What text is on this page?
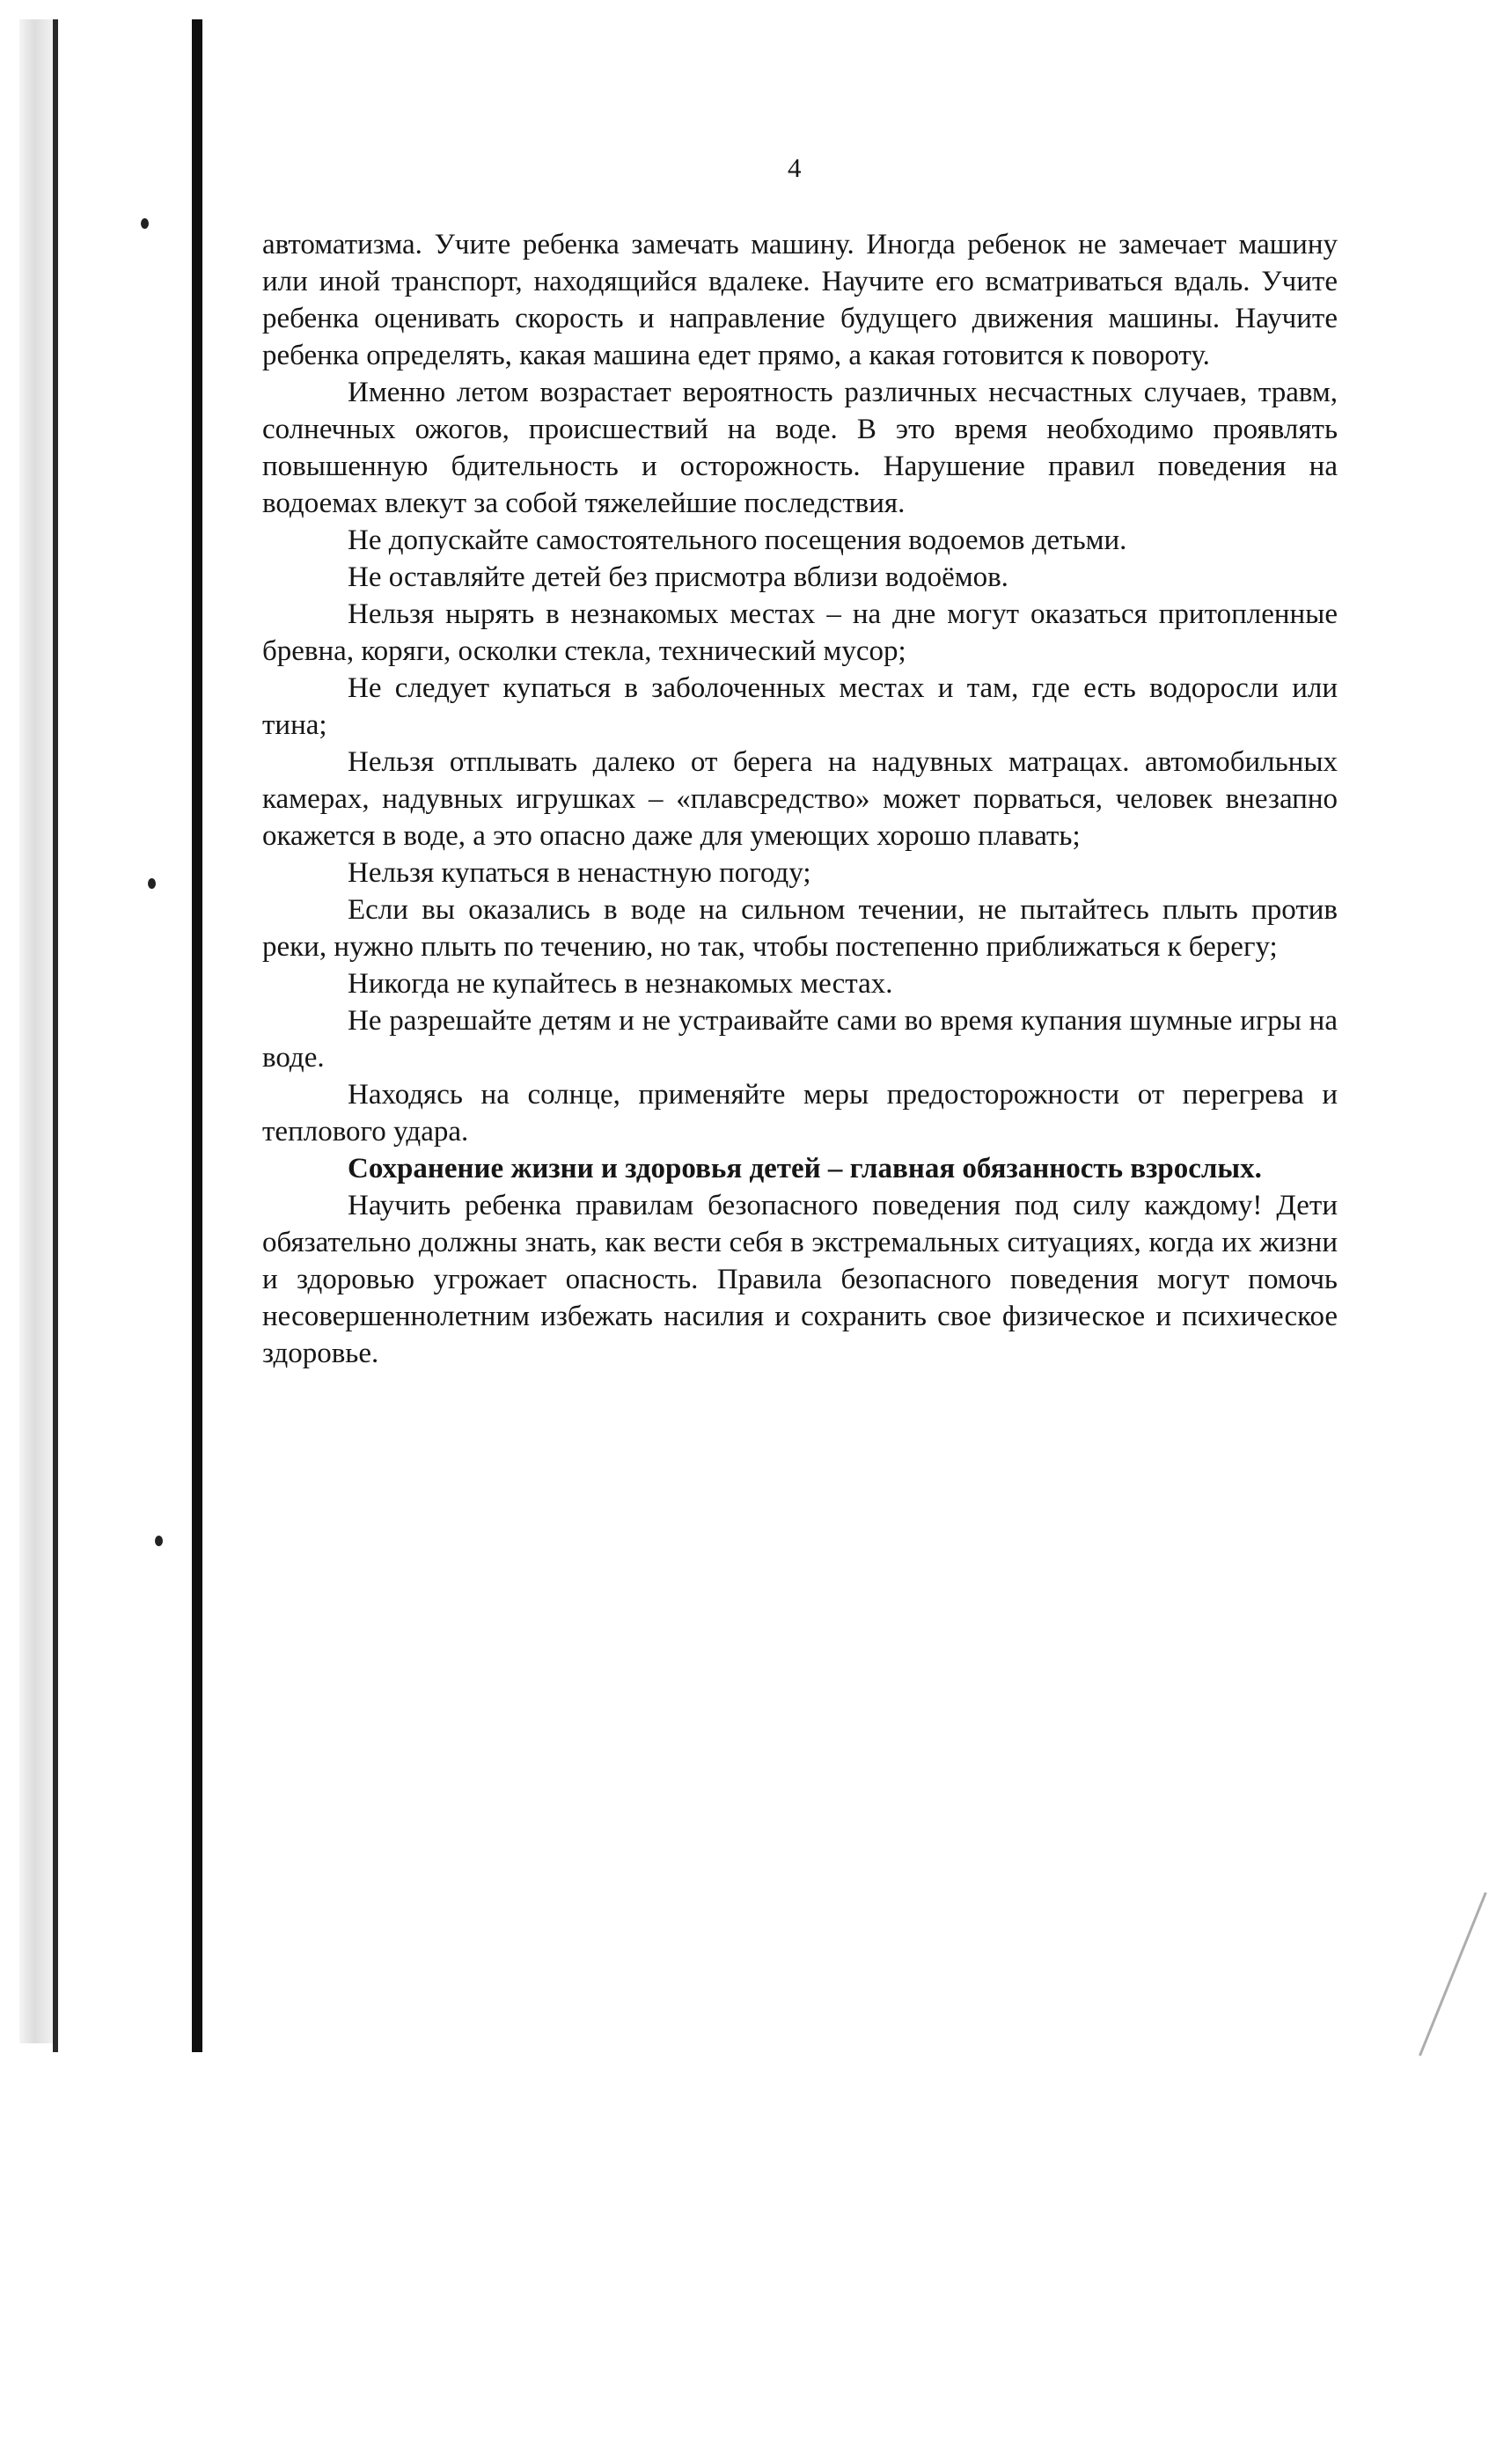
4

автоматизма. Учите ребенка замечать машину. Иногда ребенок не замечает машину или иной транспорт, находящийся вдалеке. Научите его всматриваться вдаль. Учите ребенка оценивать скорость и направление будущего движения машины. Научите ребенка определять, какая машина едет прямо, а какая готовится к повороту.

Именно летом возрастает вероятность различных несчастных случаев, травм, солнечных ожогов, происшествий на воде. В это время необходимо проявлять повышенную бдительность и осторожность. Нарушение правил поведения на водоемах влекут за собой тяжелейшие последствия.

Не допускайте самостоятельного посещения водоемов детьми.

Не оставляйте детей без присмотра вблизи водоёмов.

Нельзя нырять в незнакомых местах – на дне могут оказаться притопленные бревна, коряги, осколки стекла, технический мусор;

Не следует купаться в заболоченных местах и там, где есть водоросли или тина;

Нельзя отплывать далеко от берега на надувных матрацах. автомобильных камерах, надувных игрушках – «плавсредство» может порваться, человек внезапно окажется в воде, а это опасно даже для умеющих хорошо плавать;

Нельзя купаться в ненастную погоду;

Если вы оказались в воде на сильном течении, не пытайтесь плыть против реки, нужно плыть по течению, но так, чтобы постепенно приближаться к берегу;

Никогда не купайтесь в незнакомых местах.

Не разрешайте детям и не устраивайте сами во время купания шумные игры на воде.

Находясь на солнце, применяйте меры предосторожности от перегрева и теплового удара.

Сохранение жизни и здоровья детей – главная обязанность взрослых.

Научить ребенка правилам безопасного поведения под силу каждому! Дети обязательно должны знать, как вести себя в экстремальных ситуациях, когда их жизни и здоровью угрожает опасность. Правила безопасного поведения могут помочь несовершеннолетним избежать насилия и сохранить свое физическое и психическое здоровье.
